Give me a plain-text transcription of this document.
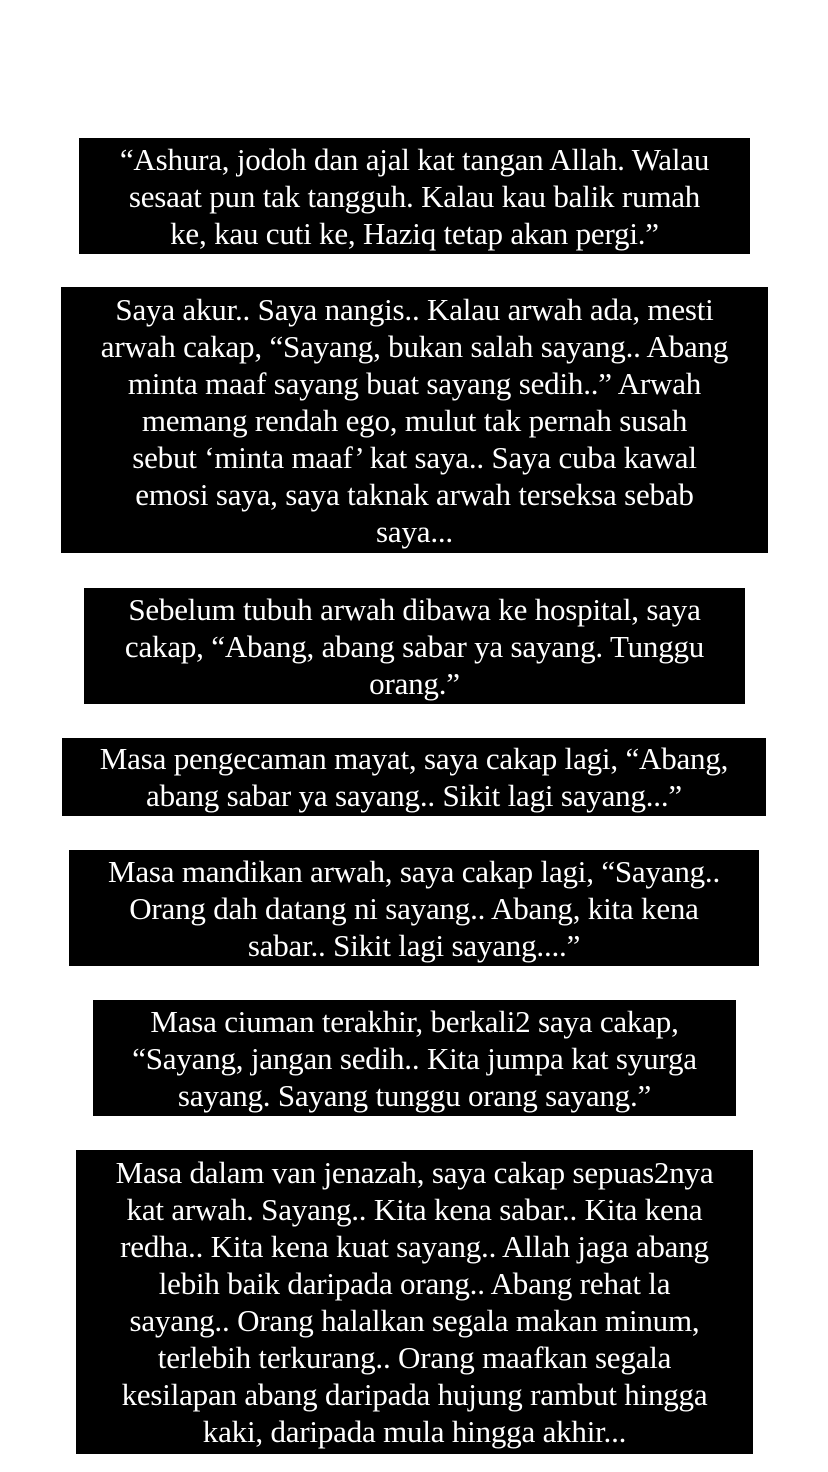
“Ashura, jodoh dan ajal kat tangan Allah. Walau
sesaat pun tak tangguh. Kalau kau balik rumah
ke, kau cuti ke, Haziq tetap akan pergi.”
Saya akur.. Saya nangis.. Kalau arwah ada, mesti
arwah cakap, “Sayang, bukan salah sayang.. Abang
minta maaf sayang buat sayang sedih..” Arwah
memang rendah ego, mulut tak pernah susah
sebut ‘minta maaf’ kat saya.. Saya cuba kawal
emosi saya, saya taknak arwah terseksa sebab
saya...
Sebelum tubuh arwah dibawa ke hospital, saya
cakap, “Abang, abang sabar ya sayang. Tunggu
orang.”
Masa pengecaman mayat, saya cakap lagi, “Abang,
abang sabar ya sayang.. Sikit lagi sayang...”
Masa mandikan arwah, saya cakap lagi, “Sayang..
Orang dah datang ni sayang.. Abang, kita kena
sabar.. Sikit lagi sayang....”
Masa ciuman terakhir, berkali2 saya cakap,
“Sayang, jangan sedih.. Kita jumpa kat syurga
sayang. Sayang tunggu orang sayang.”
Masa dalam van jenazah, saya cakap sepuas2nya
kat arwah. Sayang.. Kita kena sabar.. Kita kena
redha.. Kita kena kuat sayang.. Allah jaga abang
lebih baik daripada orang.. Abang rehat la
sayang.. Orang halalkan segala makan minum,
terlebih terkurang.. Orang maafkan segala
kesilapan abang daripada hujung rambut hingga
kaki, daripada mula hingga akhir...
